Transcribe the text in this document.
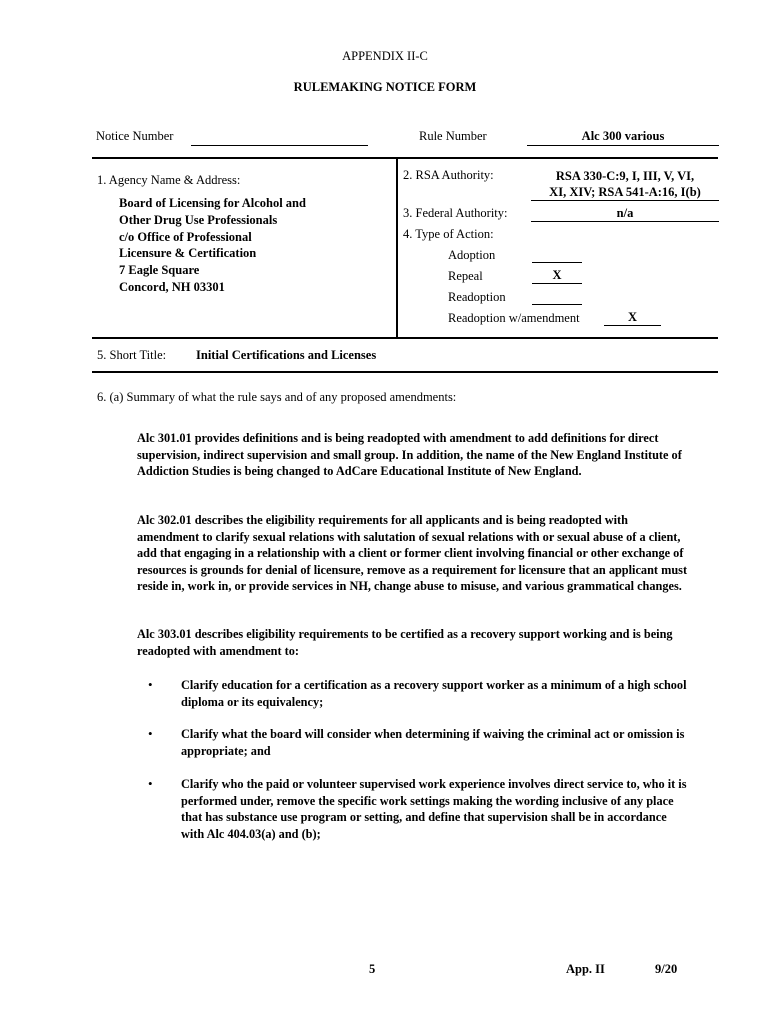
APPENDIX II-C
RULEMAKING NOTICE FORM
Notice Number	Rule Number	Alc 300 various
1. Agency Name & Address:
Board of Licensing for Alcohol and
Other Drug Use Professionals
c/o Office of Professional
Licensure & Certification
7 Eagle Square
Concord, NH 03301
2. RSA Authority:	RSA 330-C:9, I, III, V, VI,
XI, XIV; RSA 541-A:16, I(b)
3. Federal Authority:	n/a
4. Type of Action:
Adoption
Repeal	X
Readoption
Readoption w/amendment	X
5. Short Title: Initial Certifications and Licenses
6. (a) Summary of what the rule says and of any proposed amendments:
Alc 301.01 provides definitions and is being readopted with amendment to add definitions for direct supervision, indirect supervision and small group. In addition, the name of the New England Institute of Addiction Studies is being changed to AdCare Educational Institute of New England.
Alc 302.01 describes the eligibility requirements for all applicants and is being readopted with amendment to clarify sexual relations with salutation of sexual relations with or sexual abuse of a client, add that engaging in a relationship with a client or former client involving financial or other exchange of resources is grounds for denial of licensure, remove as a requirement for licensure that an applicant must reside in, work in, or provide services in NH, change abuse to misuse, and various grammatical changes.
Alc 303.01 describes eligibility requirements to be certified as a recovery support working and is being readopted with amendment to:
• Clarify education for a certification as a recovery support worker as a minimum of a high school diploma or its equivalency;
• Clarify what the board will consider when determining if waiving the criminal act or omission is appropriate; and
• Clarify who the paid or volunteer supervised work experience involves direct service to, who it is performed under, remove the specific work settings making the wording inclusive of any place that has substance use program or setting, and define that supervision shall be in accordance with Alc 404.03(a) and (b);
5	App. II	9/20
